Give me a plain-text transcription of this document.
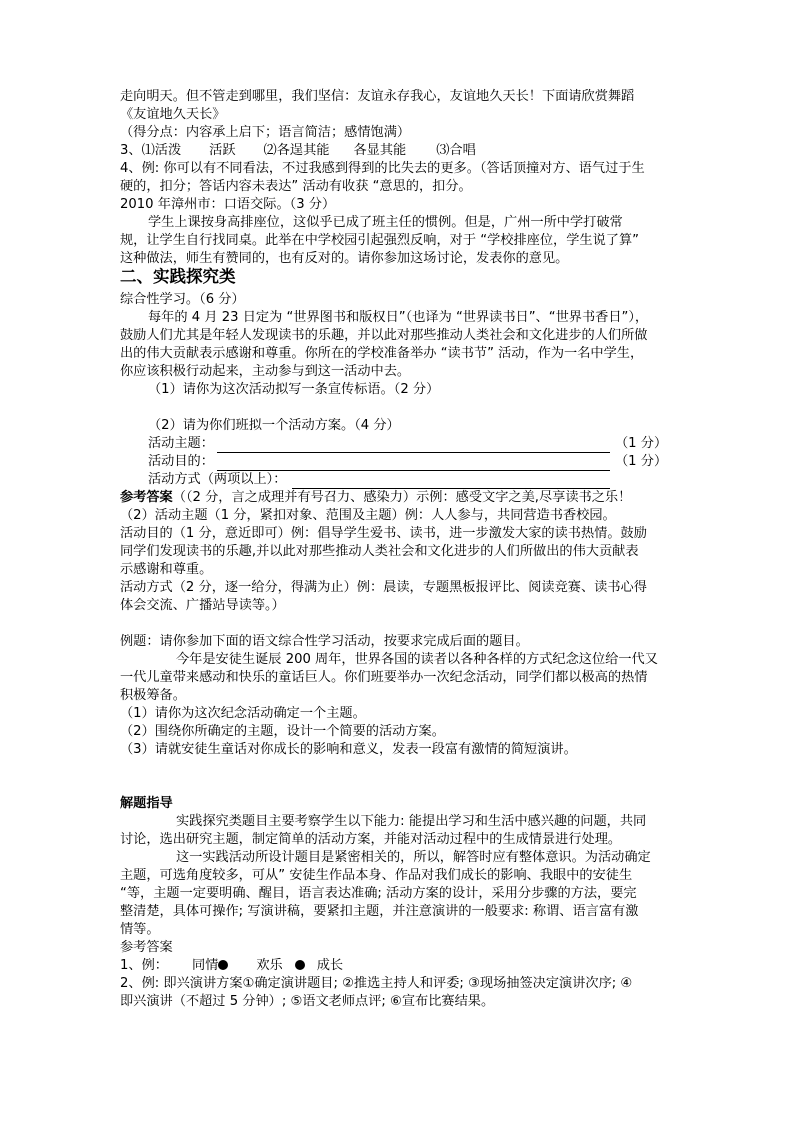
走向明天。但不管走到哪里，我们坚信：友谊永存我心，友谊地久天长！下面请欣赏舞蹈
《友谊地久天长》
（得分点：内容承上启下；语言简洁；感情饱满）
3、⑴活泼 活跃 ⑵各逞其能 各显其能 ⑶合唱
4、例: 你可以有不同看法，不过我感到得到的比失去的更多。（答话顶撞对方、语气过于生
硬的，扣分；答话内容未表达” 活动有收获 “意思的，扣分。
2010 年漳州市：口语交际。（3 分）
学生上课按身高排座位，这似乎已成了班主任的惯例。但是，广州一所中学打破常
规，让学生自行找同桌。此举在中学校园引起强烈反响，对于 “学校排座位，学生说了算”
这种做法，师生有赞同的，也有反对的。请你参加这场讨论，发表你的意见。
二、实践探究类
综合性学习。（6 分）
每年的 4 月 23 日定为 “世界图书和版权日”（也译为 “世界读书日”、“世界书香日”），
鼓励人们尤其是年轻人发现读书的乐趣，并以此对那些推动人类社会和文化进步的人们所做
出的伟大贡献表示感谢和尊重。你所在的学校准备举办 “读书节” 活动，作为一名中学生，
你应该积极行动起来，主动参与到这一活动中去。
（1）请你为这次活动拟写一条宣传标语。（2 分）
（2）请为你们班拟一个活动方案。（4 分）
活动主题：	（1 分）
活动目的：	（1 分）
活动方式（两项以上）：
参考答案（（2 分，言之成理并有号召力、感染力）示例：感受文字之美,尽享读书之乐！
（2）活动主题（1 分，紧扣对象、范围及主题）例：人人参与，共同营造书香校园。
活动目的（1 分，意近即可）例：倡导学生爱书、读书，进一步激发大家的读书热情。鼓励
同学们发现读书的乐趣,并以此对那些推动人类社会和文化进步的人们所做出的伟大贡献表
示感谢和尊重。
活动方式（2 分，逐一给分，得满为止）例：晨读，专题黑板报评比、阅读竞赛、读书心得
体会交流、广播站导读等。）
例题：请你参加下面的语文综合性学习活动，按要求完成后面的题目。
今年是安徒生诞辰 200 周年，世界各国的读者以各种各样的方式纪念这位给一代又
一代儿童带来感动和快乐的童话巨人。你们班要举办一次纪念活动，同学们都以极高的热情
积极筹备。
（1）请你为这次纪念活动确定一个主题。
（2）围绕你所确定的主题，设计一个简要的活动方案。
（3）请就安徒生童话对你成长的影响和意义，发表一段富有激情的简短演讲。
解题指导
实践探究类题目主要考察学生以下能力: 能提出学习和生活中感兴趣的问题，共同
讨论，选出研究主题，制定简单的活动方案，并能对活动过程中的生成情景进行处理。
这一实践活动所设计题目是紧密相关的，所以，解答时应有整体意识。为活动确定
主题，可选角度较多，可从” 安徒生作品本身、作品对我们成长的影响、我眼中的安徒生
“等，主题一定要明确、醒目，语言表达准确; 活动方案的设计，采用分步骤的方法，要完
整清楚，具体可操作; 写演讲稿，要紧扣主题，并注意演讲的一般要求: 称谓、语言富有激
情等。
参考答案
1、例： 同情	欢乐	成长
2、例: 即兴演讲方案①确定演讲题目; ②推选主持人和评委; ③现场抽签决定演讲次序; ④
即兴演讲（不超过 5 分钟）; ⑤语文老师点评; ⑥宣布比赛结果。
